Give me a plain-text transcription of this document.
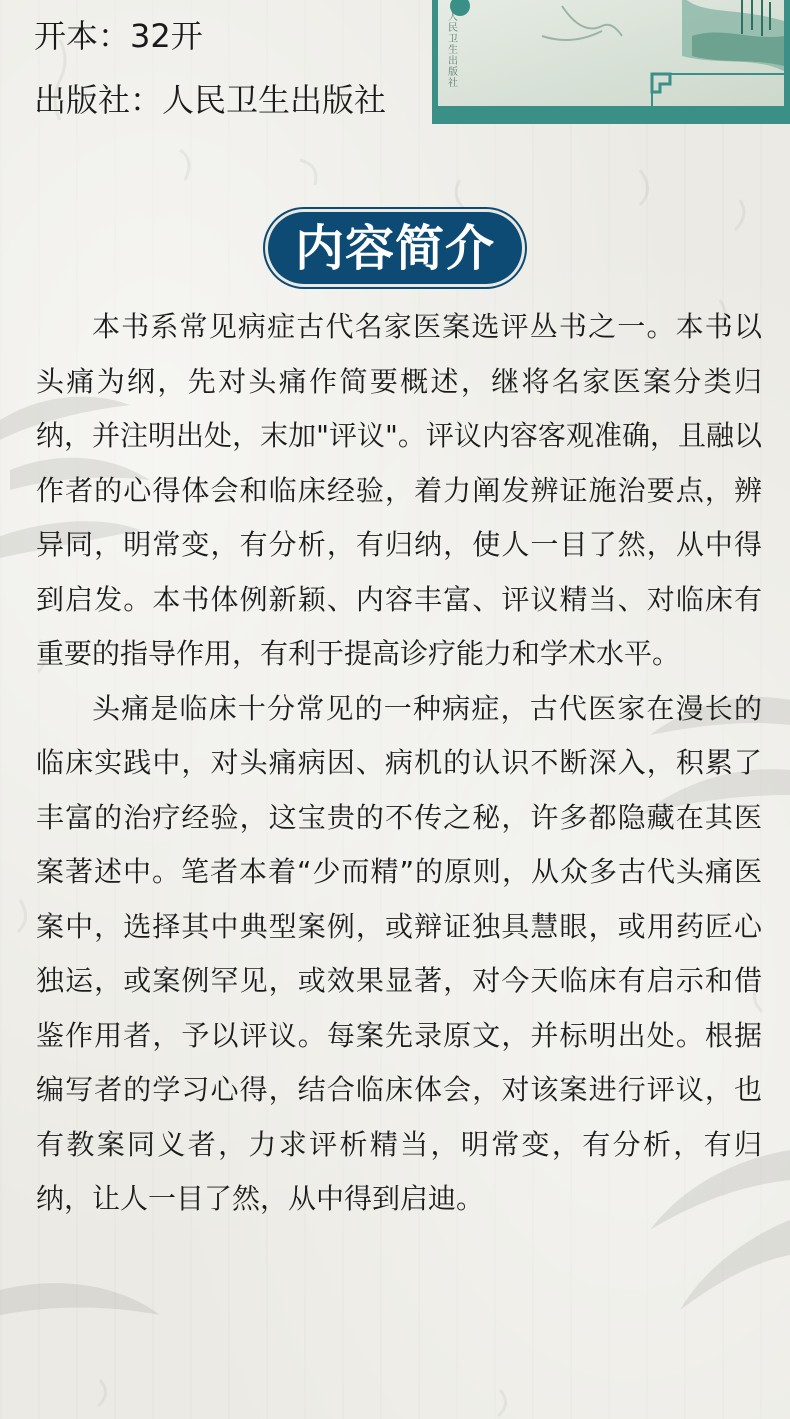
开本：32开
出版社：人民卫生出版社
人民卫生出版社
内容简介

本书系常见病症古代名家医案选评丛书之一。本书以头痛为纲，先对头痛作简要概述，继将名家医案分类归纳，并注明出处，末加"评议"。评议内容客观准确，且融以作者的心得体会和临床经验，着力阐发辨证施治要点，辨异同，明常变，有分析，有归纳，使人一目了然，从中得到启发。本书体例新颖、内容丰富、评议精当、对临床有重要的指导作用，有利于提高诊疗能力和学术水平。

头痛是临床十分常见的一种病症，古代医家在漫长的临床实践中，对头痛病因、病机的认识不断深入，积累了丰富的治疗经验，这宝贵的不传之秘，许多都隐藏在其医案著述中。笔者本着“少而精”的原则，从众多古代头痛医案中，选择其中典型案例，或辩证独具慧眼，或用药匠心独运，或案例罕见，或效果显著，对今天临床有启示和借鉴作用者，予以评议。每案先录原文，并标明出处。根据编写者的学习心得，结合临床体会，对该案进行评议，也有教案同义者，力求评析精当，明常变，有分析，有归纳，让人一目了然，从中得到启迪。
